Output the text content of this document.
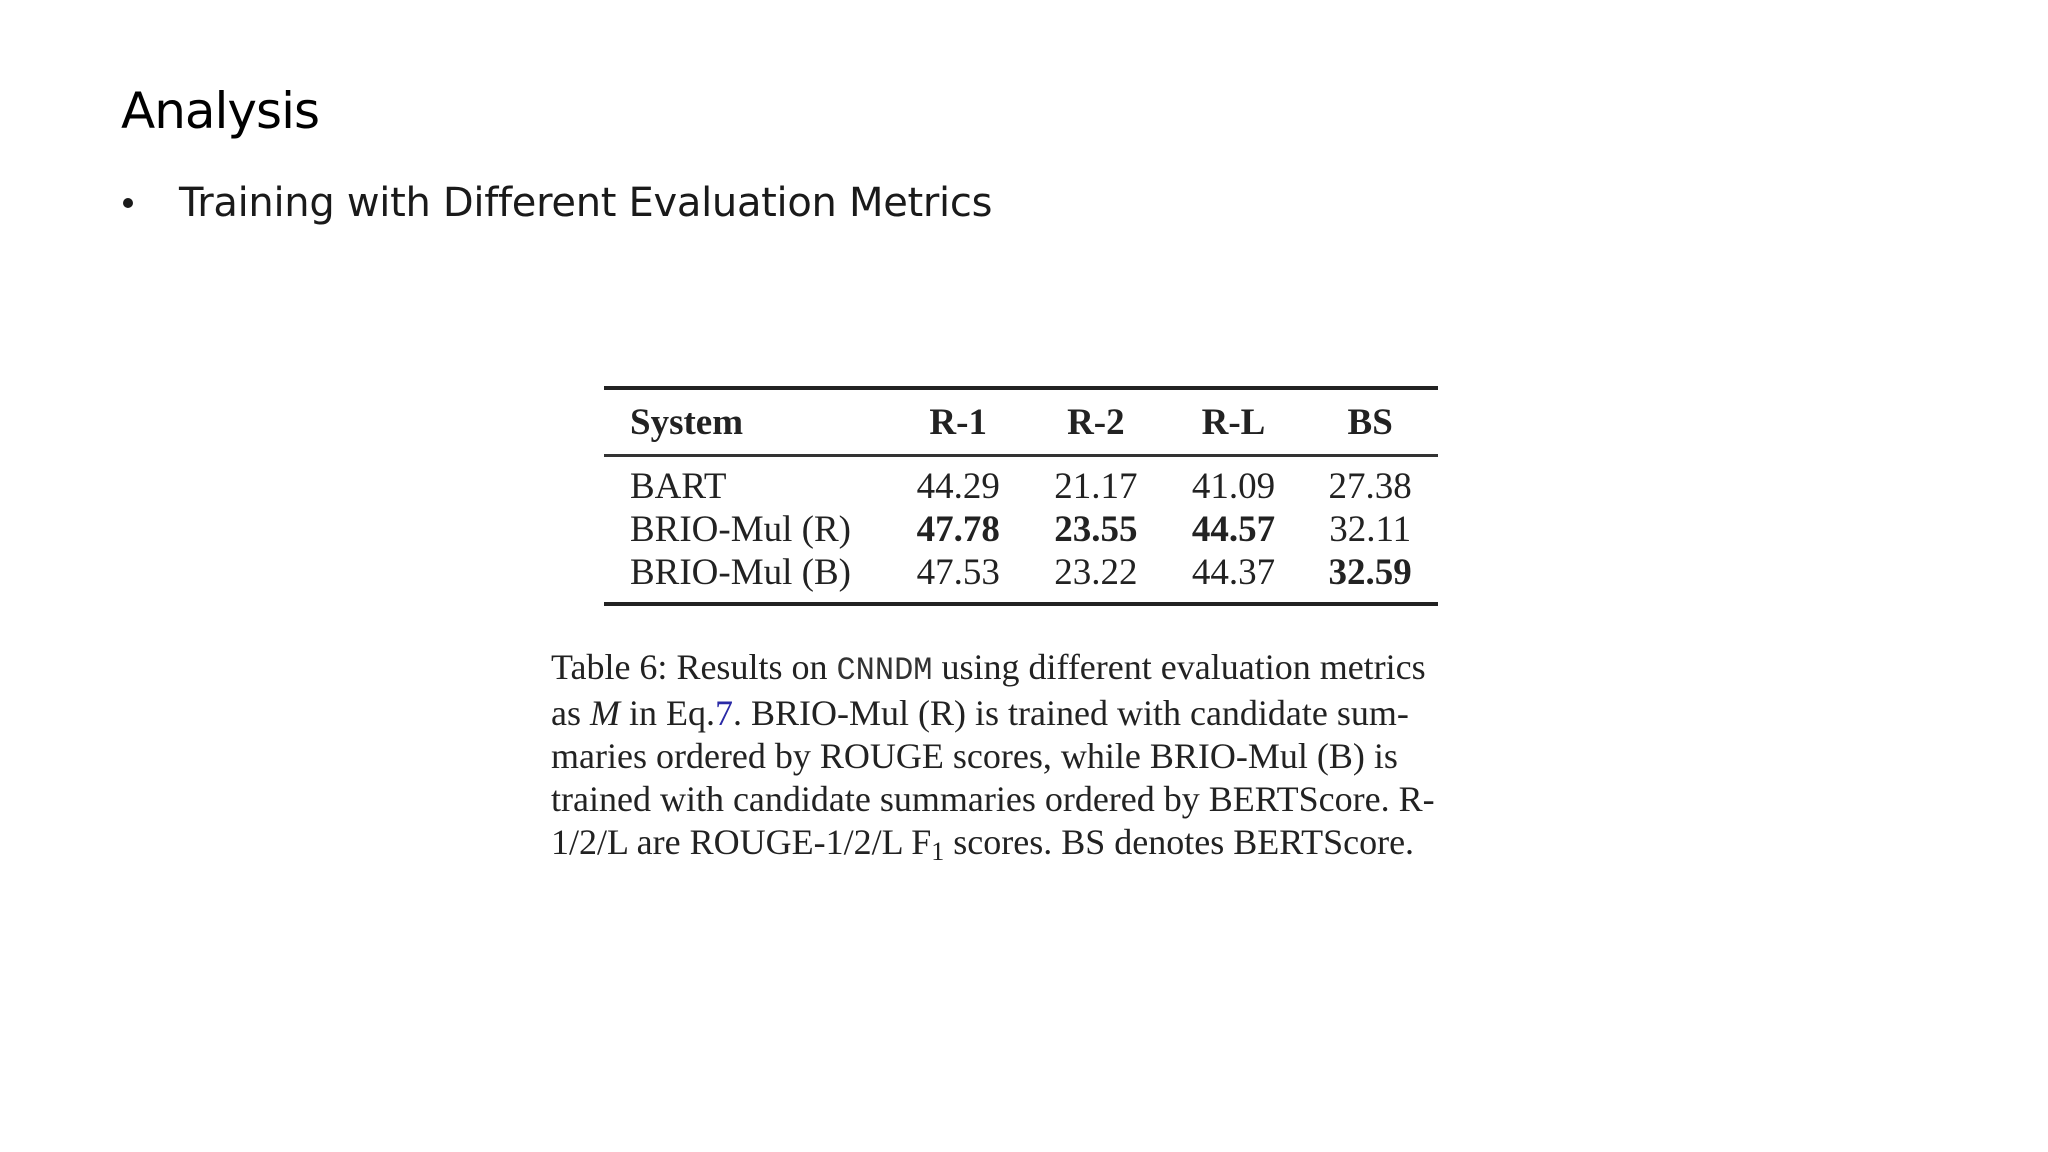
Analysis
Training with Different Evaluation Metrics
System	R-1	R-2	R-L	BS
BART	44.29	21.17	41.09	27.38
BRIO-Mul (R)	47.78	23.55	44.57	32.11
BRIO-Mul (B)	47.53	23.22	44.37	32.59
Table 6: Results on CNNDM using different evaluation metrics
as M in Eq.7. BRIO-Mul (R) is trained with candidate sum-
maries ordered by ROUGE scores, while BRIO-Mul (B) is
trained with candidate summaries ordered by BERTScore. R-
1/2/L are ROUGE-1/2/L $F_1$ scores. BS denotes BERTScore.
